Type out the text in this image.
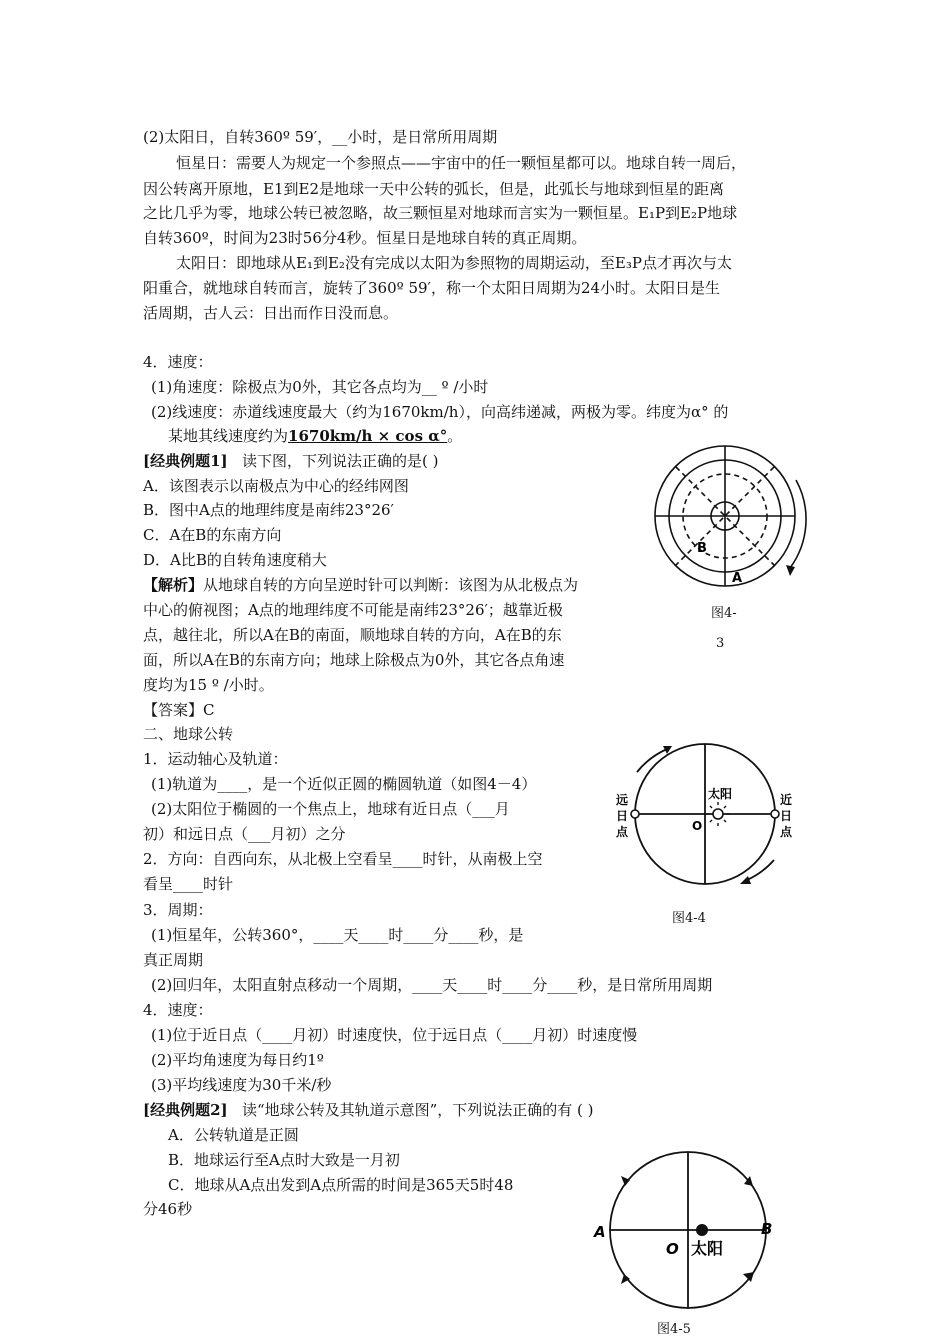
(2)太阳日，自转360º 59′，__小时，是日常所用周期
恒星日：需要人为规定一个参照点——宇宙中的任一颗恒星都可以。地球自转一周后，
因公转离开原地，E1到E2是地球一天中公转的弧长，但是，此弧长与地球到恒星的距离
之比几乎为零，地球公转已被忽略，故三颗恒星对地球而言实为一颗恒星。E₁P到E₂P地球
自转360º，时间为23时56分4秒。恒星日是地球自转的真正周期。
太阳日：即地球从E₁到E₂没有完成以太阳为参照物的周期运动，至E₃P点才再次与太
阳重合，就地球自转而言，旋转了360º 59′，称一个太阳日周期为24小时。太阳日是生
活周期，古人云：日出而作日没而息。
4．速度：
(1)角速度：除极点为0外，其它各点均为__ º /小时
(2)线速度：赤道线速度最大（约为1670km/h），向高纬递减，两极为零。纬度为α° 的
某地其线速度约为1670km/h × cos α°。
[经典例题1] 读下图，下列说法正确的是( )
A．该图表示以南极点为中心的经纬网图
B．图中A点的地理纬度是南纬23°26′
C．A在B的东南方向
D．A比B的自转角速度稍大
【解析】从地球自转的方向呈逆时针可以判断：该图为从北极点为
中心的俯视图；A点的地理纬度不可能是南纬23°26′；越靠近极
点，越往北，所以A在B的南面，顺地球自转的方向，A在B的东
面，所以A在B的东南方向；地球上除极点为0外，其它各点角速
度均为15 º /小时。
【答案】C
A
B
图4-
3
二、地球公转
1．运动轴心及轨道：
(1)轨道为____，是一个近似正圆的椭圆轨道（如图4－4）
(2)太阳位于椭圆的一个焦点上，地球有近日点（___月
初）和远日点（___月初）之分
2．方向：自西向东，从北极上空看呈____时针，从南极上空
看呈____时针
3．周期：
(1)恒星年，公转360°，____天____时____分____秒，是
真正周期
(2)回归年，太阳直射点移动一个周期，____天____时____分____秒，是日常所用周期
4．速度：
(1)位于近日点（____月初）时速度快，位于远日点（____月初）时速度慢
(2)平均角速度为每日约1º
(3)平均线速度为30千米/秒
太阳
O
远
日
点
近
日
点
图4-4
[经典例题2] 读“地球公转及其轨道示意图”，下列说法正确的有 ( )
A．公转轨道是正圆
B．地球运行至A点时大致是一月初
C．地球从A点出发到A点所需的时间是365天5时48
分46秒
A	B
O 太阳
图4-5
